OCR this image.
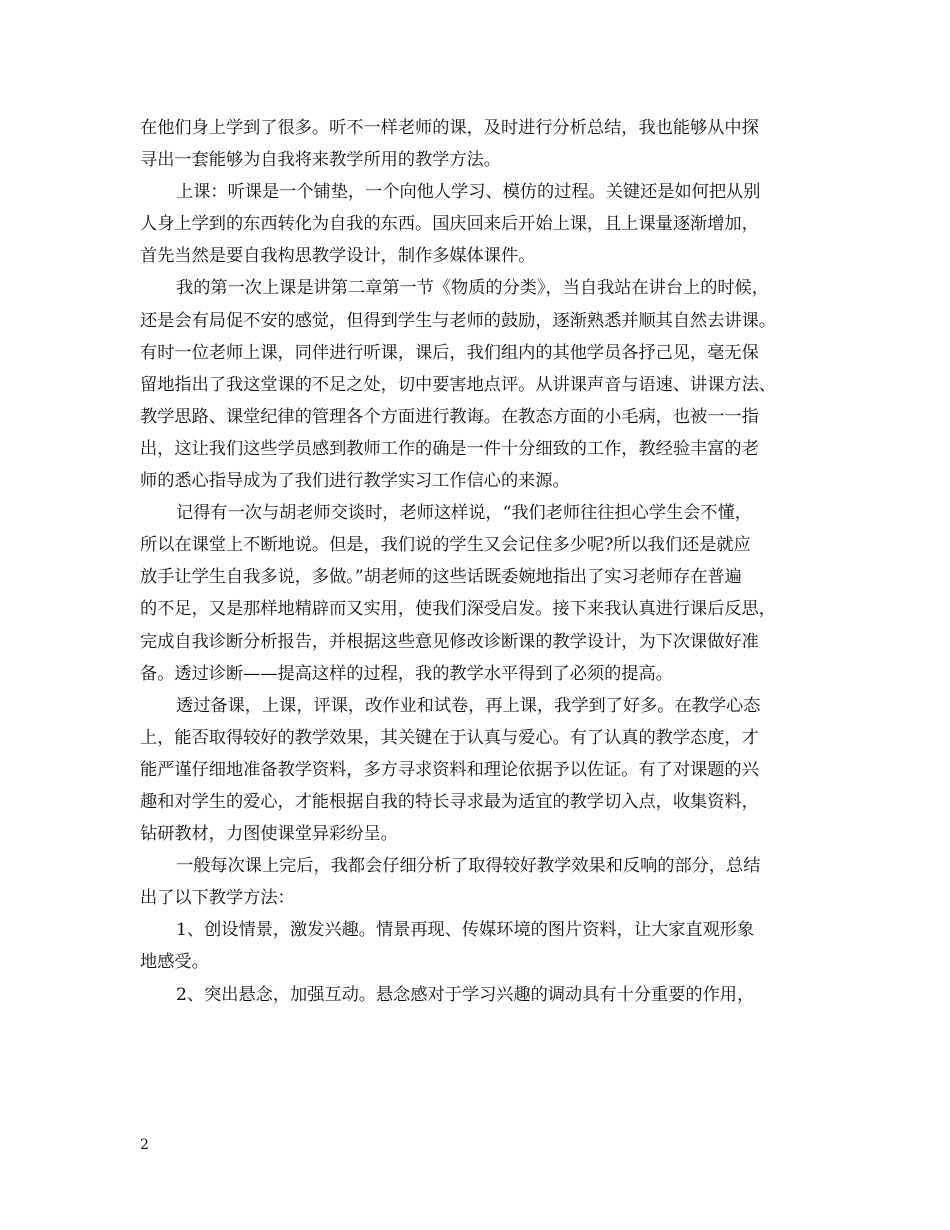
在他们身上学到了很多。听不一样老师的课，及时进行分析总结，我也能够从中探
寻出一套能够为自我将来教学所用的教学方法。
上课：听课是一个铺垫，一个向他人学习、模仿的过程。关键还是如何把从别
人身上学到的东西转化为自我的东西。国庆回来后开始上课，且上课量逐渐增加，
首先当然是要自我构思教学设计，制作多媒体课件。
我的第一次上课是讲第二章第一节《物质的分类》，当自我站在讲台上的时候，
还是会有局促不安的感觉，但得到学生与老师的鼓励，逐渐熟悉并顺其自然去讲课。
有时一位老师上课，同伴进行听课，课后，我们组内的其他学员各抒己见，毫无保
留地指出了我这堂课的不足之处，切中要害地点评。从讲课声音与语速、讲课方法、
教学思路、课堂纪律的管理各个方面进行教诲。在教态方面的小毛病，也被一一指
出，这让我们这些学员感到教师工作的确是一件十分细致的工作，教经验丰富的老
师的悉心指导成为了我们进行教学实习工作信心的来源。
记得有一次与胡老师交谈时，老师这样说，“我们老师往往担心学生会不懂，
所以在课堂上不断地说。但是，我们说的学生又会记住多少呢?所以我们还是就应
放手让学生自我多说，多做。”胡老师的这些话既委婉地指出了实习老师存在普遍
的不足，又是那样地精辟而又实用，使我们深受启发。接下来我认真进行课后反思，
完成自我诊断分析报告，并根据这些意见修改诊断课的教学设计，为下次课做好准
备。透过诊断——提高这样的过程，我的教学水平得到了必须的提高。
透过备课，上课，评课，改作业和试卷，再上课，我学到了好多。在教学心态
上，能否取得较好的教学效果，其关键在于认真与爱心。有了认真的教学态度，才
能严谨仔细地准备教学资料，多方寻求资料和理论依据予以佐证。有了对课题的兴
趣和对学生的爱心，才能根据自我的特长寻求最为适宜的教学切入点，收集资料，
钻研教材，力图使课堂异彩纷呈。
一般每次课上完后，我都会仔细分析了取得较好教学效果和反响的部分，总结
出了以下教学方法：
1、创设情景，激发兴趣。情景再现、传媒环境的图片资料，让大家直观形象
地感受。
2、突出悬念，加强互动。悬念感对于学习兴趣的调动具有十分重要的作用，
2
